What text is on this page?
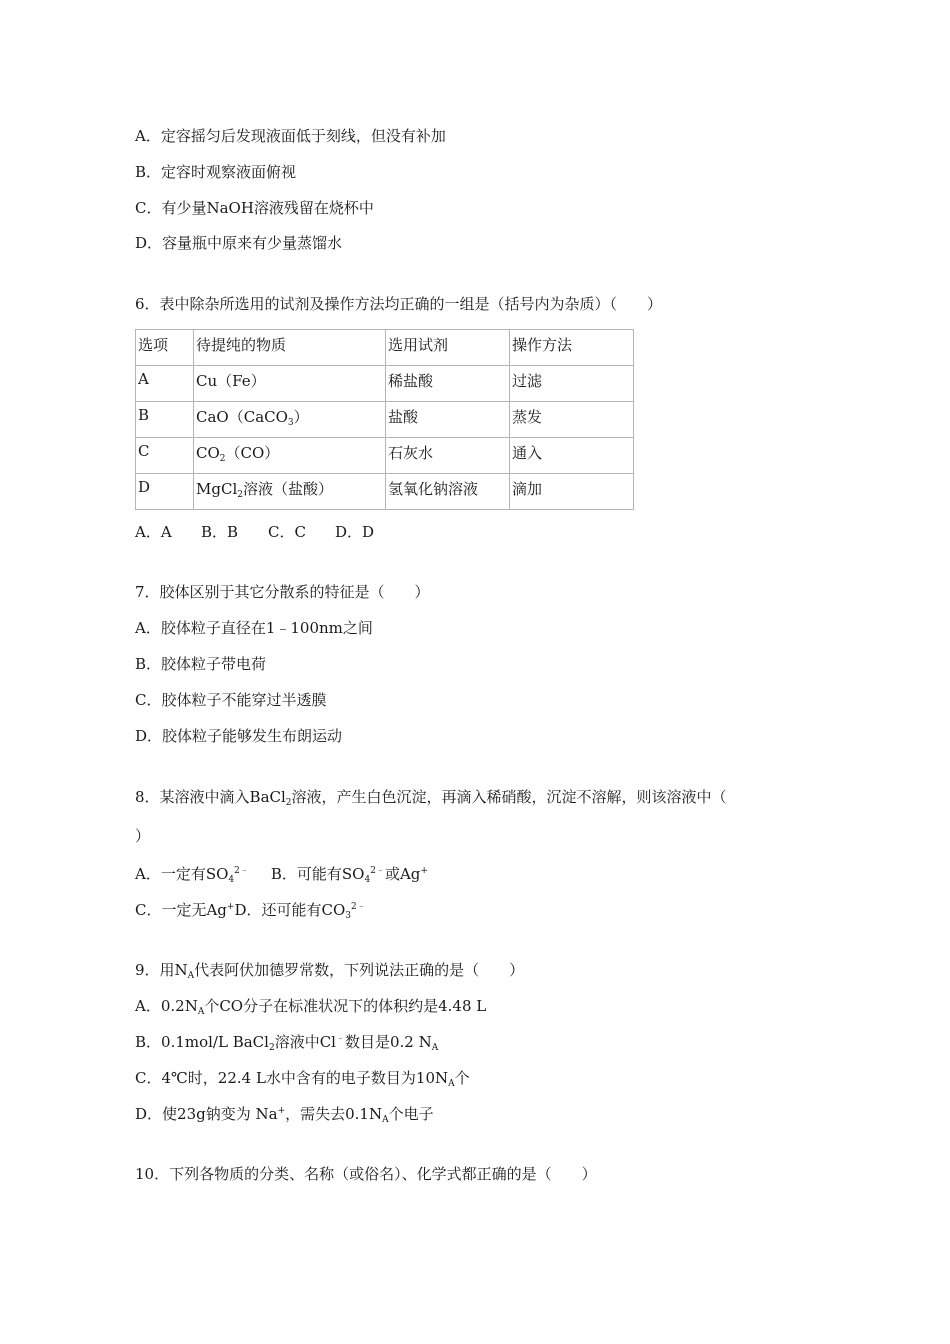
A．定容摇匀后发现液面低于刻线，但没有补加
B．定容时观察液面俯视
C．有少量NaOH溶液残留在烧杯中
D．容量瓶中原来有少量蒸馏水
6．表中除杂所选用的试剂及操作方法均正确的一组是（括号内为杂质）（　　）
选项	待提纯的物质	选用试剂	操作方法
A	Cu（Fe）	稀盐酸	过滤
B	CaO（CaCO$_3$）	盐酸	蒸发
C	$CO_2(CO)$	石灰水	通入
D	MgCl$_2$溶液（盐酸）	氢氧化钠溶液	滴加
A．A B．B C．C D．D
7．胶体区别于其它分散系的特征是（　　）
A．胶体粒子直径在1﹣100nm之间
B．胶体粒子带电荷
C．胶体粒子不能穿过半透膜
D．胶体粒子能够发生布朗运动
8．某溶液中滴入BaCl$_2$溶液，产生白色沉淀，再滴入稀硝酸，沉淀不溶解，则该溶液中（
）
A．一定有$SO_4^{2﹣}$ B．可能有$SO_4^{2﹣}$或Ag+
C．一定无Ag+D．还可能有$CO_3^{2﹣}$
9．用$N_A$代表阿伏加德罗常数，下列说法正确的是（　　）
A．$0.2N_A$个CO分子在标准状况下的体积约是4.48 L
B．0.1mol/L BaCl$_2$溶液中Cl﹣数目是0.2 $N_A$
C．4℃时，22.4 L水中含有的电子数目为$10N_A$个
D．使23g钠变为 Na+，需失去$0.1N_A$个电子
10．下列各物质的分类、名称（或俗名）、化学式都正确的是（　　）
